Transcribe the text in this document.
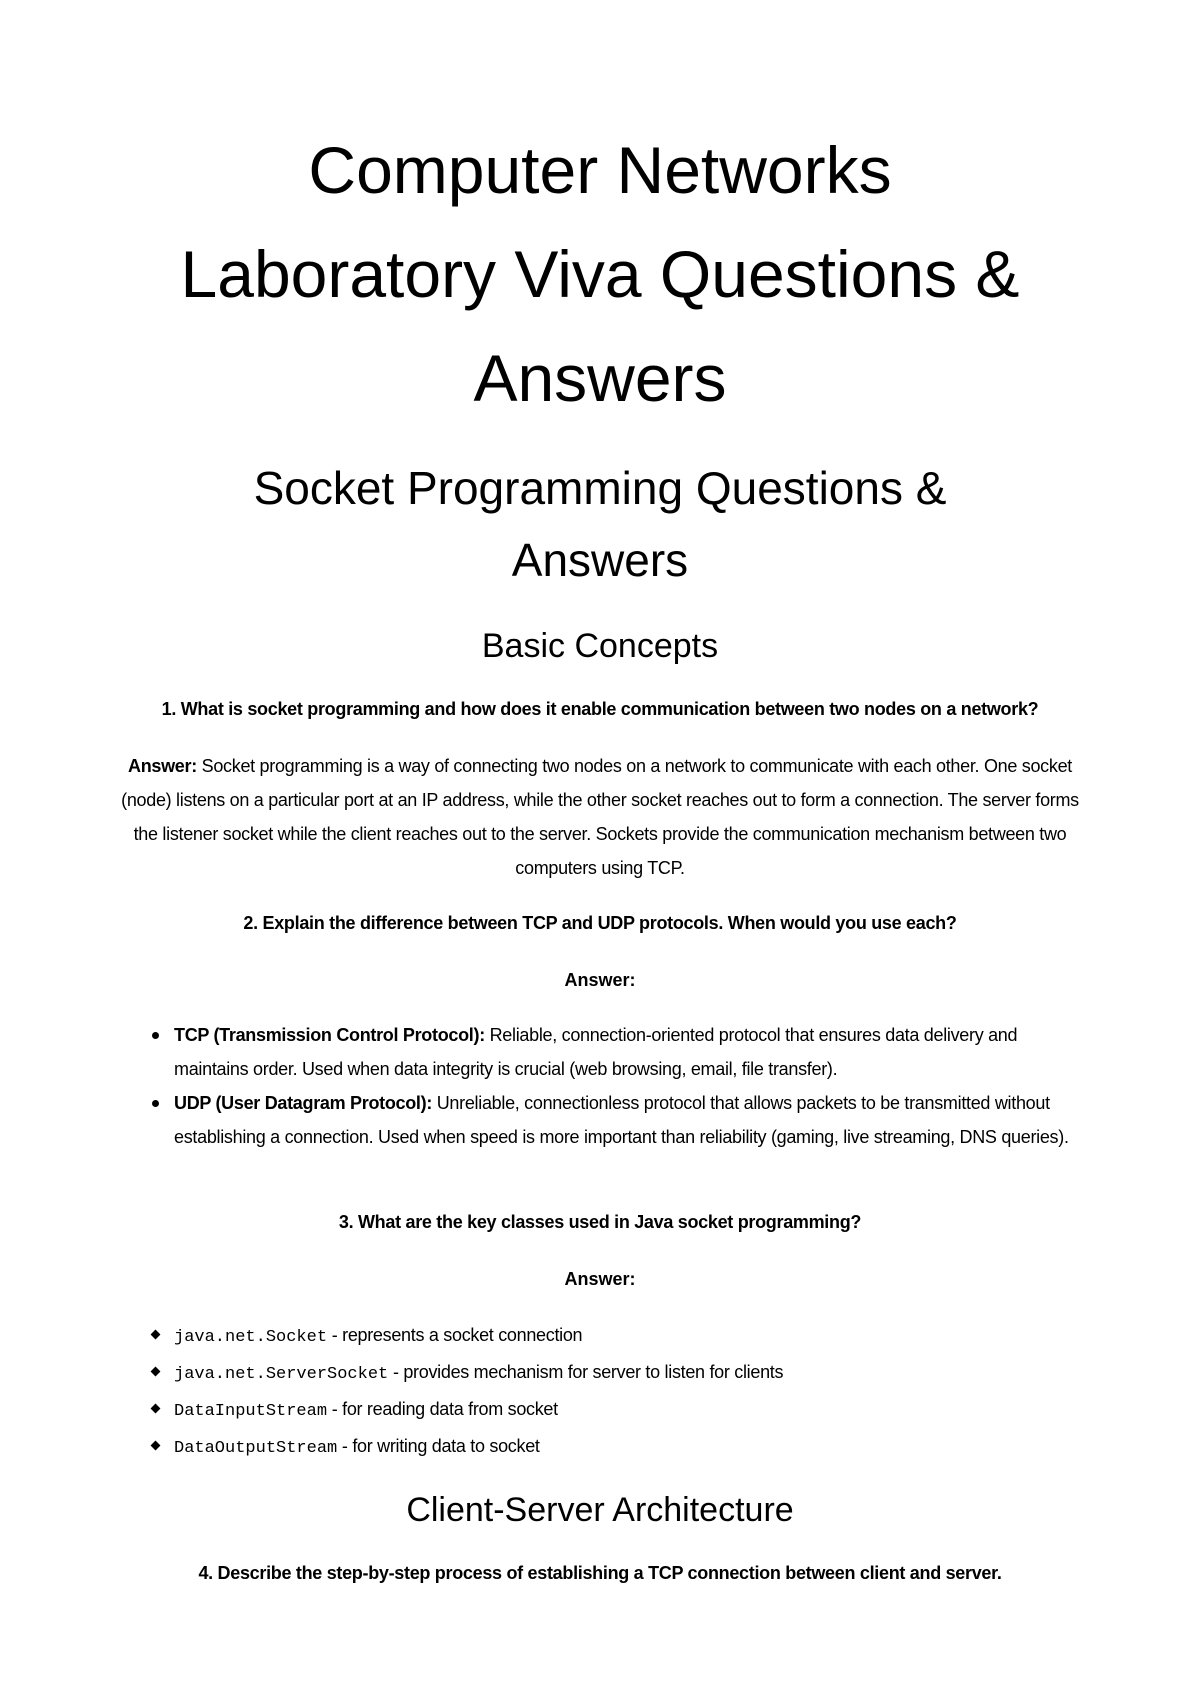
Computer Networks
Laboratory Viva Questions &
Answers
Socket Programming Questions &
Answers
Basic Concepts

1. What is socket programming and how does it enable communication between two nodes on a network?

Answer: Socket programming is a way of connecting two nodes on a network to communicate with each other. One socket (node) listens on a particular port at an IP address, while the other socket reaches out to form a connection. The server forms the listener socket while the client reaches out to the server. Sockets provide the communication mechanism between two computers using TCP.

2. Explain the difference between TCP and UDP protocols. When would you use each?

Answer:

TCP (Transmission Control Protocol): Reliable, connection-oriented protocol that ensures data delivery and maintains order. Used when data integrity is crucial (web browsing, email, file transfer).
UDP (User Datagram Protocol): Unreliable, connectionless protocol that allows packets to be transmitted without establishing a connection. Used when speed is more important than reliability (gaming, live streaming, DNS queries).

3. What are the key classes used in Java socket programming?

Answer:

java.net.Socket - represents a socket connection
java.net.ServerSocket - provides mechanism for server to listen for clients
DataInputStream - for reading data from socket
DataOutputStream - for writing data to socket
Client-Server Architecture

4. Describe the step-by-step process of establishing a TCP connection between client and server.
